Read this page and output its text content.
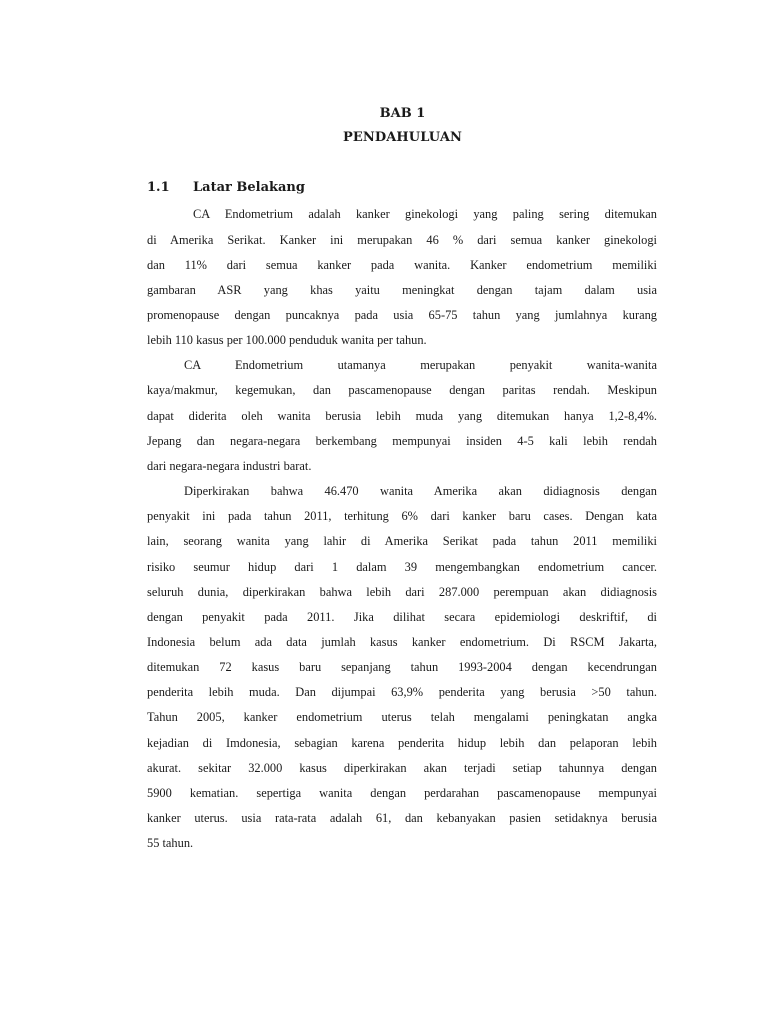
BAB 1
PENDAHULUAN
1.1 Latar Belakang
CA Endometrium adalah kanker ginekologi yang paling sering ditemukan
di Amerika Serikat. Kanker ini merupakan 46 % dari semua kanker ginekologi
dan 11% dari semua kanker pada wanita. Kanker endometrium memiliki
gambaran ASR yang khas yaitu meningkat dengan tajam dalam usia
promenopause dengan puncaknya pada usia 65-75 tahun yang jumlahnya kurang
lebih 110 kasus per 100.000 penduduk wanita per tahun.
CA Endometrium utamanya merupakan penyakit wanita-wanita
kaya/makmur, kegemukan, dan pascamenopause dengan paritas rendah. Meskipun
dapat diderita oleh wanita berusia lebih muda yang ditemukan hanya 1,2-8,4%.
Jepang dan negara-negara berkembang mempunyai insiden 4-5 kali lebih rendah
dari negara-negara industri barat.
Diperkirakan bahwa 46.470 wanita Amerika akan didiagnosis dengan
penyakit ini pada tahun 2011, terhitung 6% dari kanker baru cases. Dengan kata
lain, seorang wanita yang lahir di Amerika Serikat pada tahun 2011 memiliki
risiko seumur hidup dari 1 dalam 39 mengembangkan endometrium cancer.
seluruh dunia, diperkirakan bahwa lebih dari 287.000 perempuan akan didiagnosis
dengan penyakit pada 2011. Jika dilihat secara epidemiologi deskriftif, di
Indonesia belum ada data jumlah kasus kanker endometrium. Di RSCM Jakarta,
ditemukan 72 kasus baru sepanjang tahun 1993-2004 dengan kecendrungan
penderita lebih muda. Dan dijumpai 63,9% penderita yang berusia >50 tahun.
Tahun 2005, kanker endometrium uterus telah mengalami peningkatan angka
kejadian di Imdonesia, sebagian karena penderita hidup lebih dan pelaporan lebih
akurat. sekitar 32.000 kasus diperkirakan akan terjadi setiap tahunnya dengan
5900 kematian. sepertiga wanita dengan perdarahan pascamenopause mempunyai
kanker uterus. usia rata-rata adalah 61, dan kebanyakan pasien setidaknya berusia
55 tahun.
